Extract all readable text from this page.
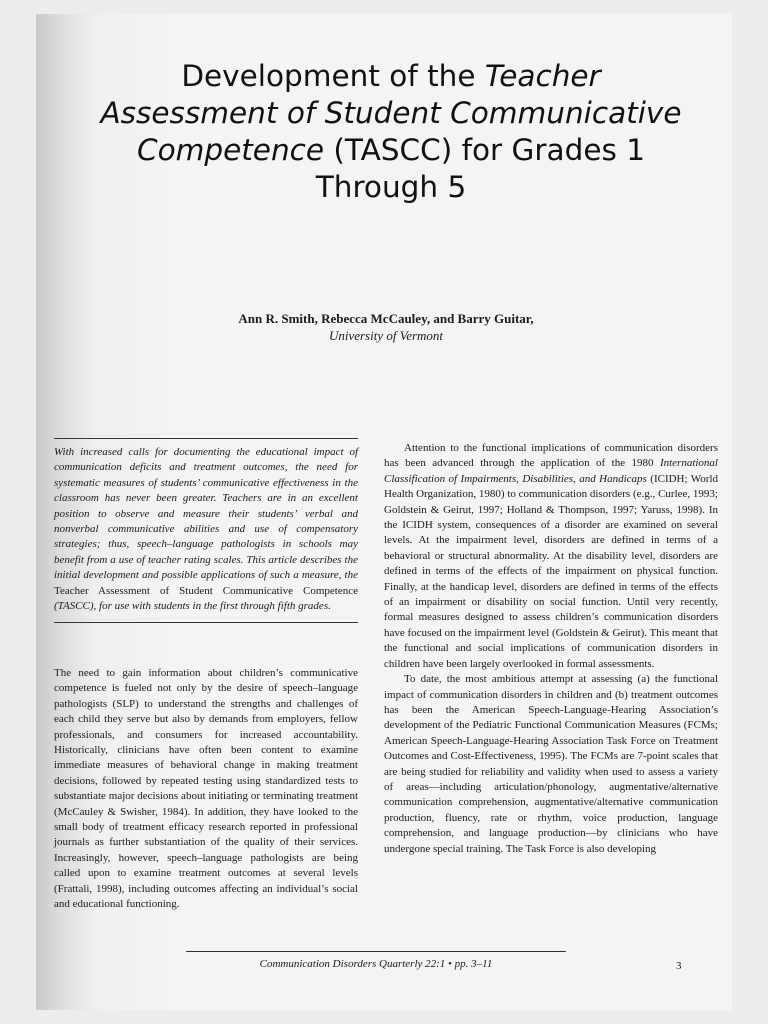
Development of the Teacher Assessment of Student Communicative Competence (TASCC) for Grades 1 Through 5
Ann R. Smith, Rebecca McCauley, and Barry Guitar,
University of Vermont
With increased calls for documenting the educational impact of communication deficits and treatment outcomes, the need for systematic measures of students’ communicative effectiveness in the classroom has never been greater. Teachers are in an excellent position to observe and measure their students’ verbal and nonverbal communicative abilities and use of compensatory strategies; thus, speech–language pathologists in schools may benefit from a use of teacher rating scales. This article describes the initial development and possible applications of such a measure, the Teacher Assessment of Student Communicative Competence (TASCC), for use with students in the first through fifth grades.

The need to gain information about children’s communicative competence is fueled not only by the desire of speech–language pathologists (SLP) to understand the strengths and challenges of each child they serve but also by demands from employers, fellow professionals, and consumers for increased accountability. Historically, clinicians have often been content to examine immediate measures of behavioral change in making treatment decisions, followed by repeated testing using standardized tests to substantiate major decisions about initiating or terminating treatment (McCauley & Swisher, 1984). In addition, they have looked to the small body of treatment efficacy research reported in professional journals as further substantiation of the quality of their services. Increasingly, however, speech–language pathologists are being called upon to examine treatment outcomes at several levels (Frattali, 1998), including outcomes affecting an individual’s social and educational functioning.

Attention to the functional implications of communication disorders has been advanced through the application of the 1980 International Classification of Impairments, Disabilities, and Handicaps (ICIDH; World Health Organization, 1980) to communication disorders (e.g., Curlee, 1993; Goldstein & Geirut, 1997; Holland & Thompson, 1997; Yaruss, 1998). In the ICIDH system, consequences of a disorder are examined on several levels. At the impairment level, disorders are defined in terms of a behavioral or structural abnormality. At the disability level, disorders are defined in terms of the effects of the impairment on physical function. Finally, at the handicap level, disorders are defined in terms of the effects of an impairment or disability on social function. Until very recently, formal measures designed to assess children’s communication disorders have focused on the impairment level (Goldstein & Geirut). This meant that the functional and social implications of communication disorders in children have been largely overlooked in formal assessments.

To date, the most ambitious attempt at assessing (a) the functional impact of communication disorders in children and (b) treatment outcomes has been the American Speech-Language-Hearing Association’s development of the Pediatric Functional Communication Measures (FCMs; American Speech-Language-Hearing Association Task Force on Treatment Outcomes and Cost-Effectiveness, 1995). The FCMs are 7-point scales that are being studied for reliability and validity when used to assess a variety of areas—including articulation/phonology, augmentative/alternative communication comprehension, augmentative/alternative communication production, fluency, rate or rhythm, voice production, language comprehension, and language production—by clinicians who have undergone special training. The Task Force is also developing

Communication Disorders Quarterly 22:1 • pp. 3–11	3
